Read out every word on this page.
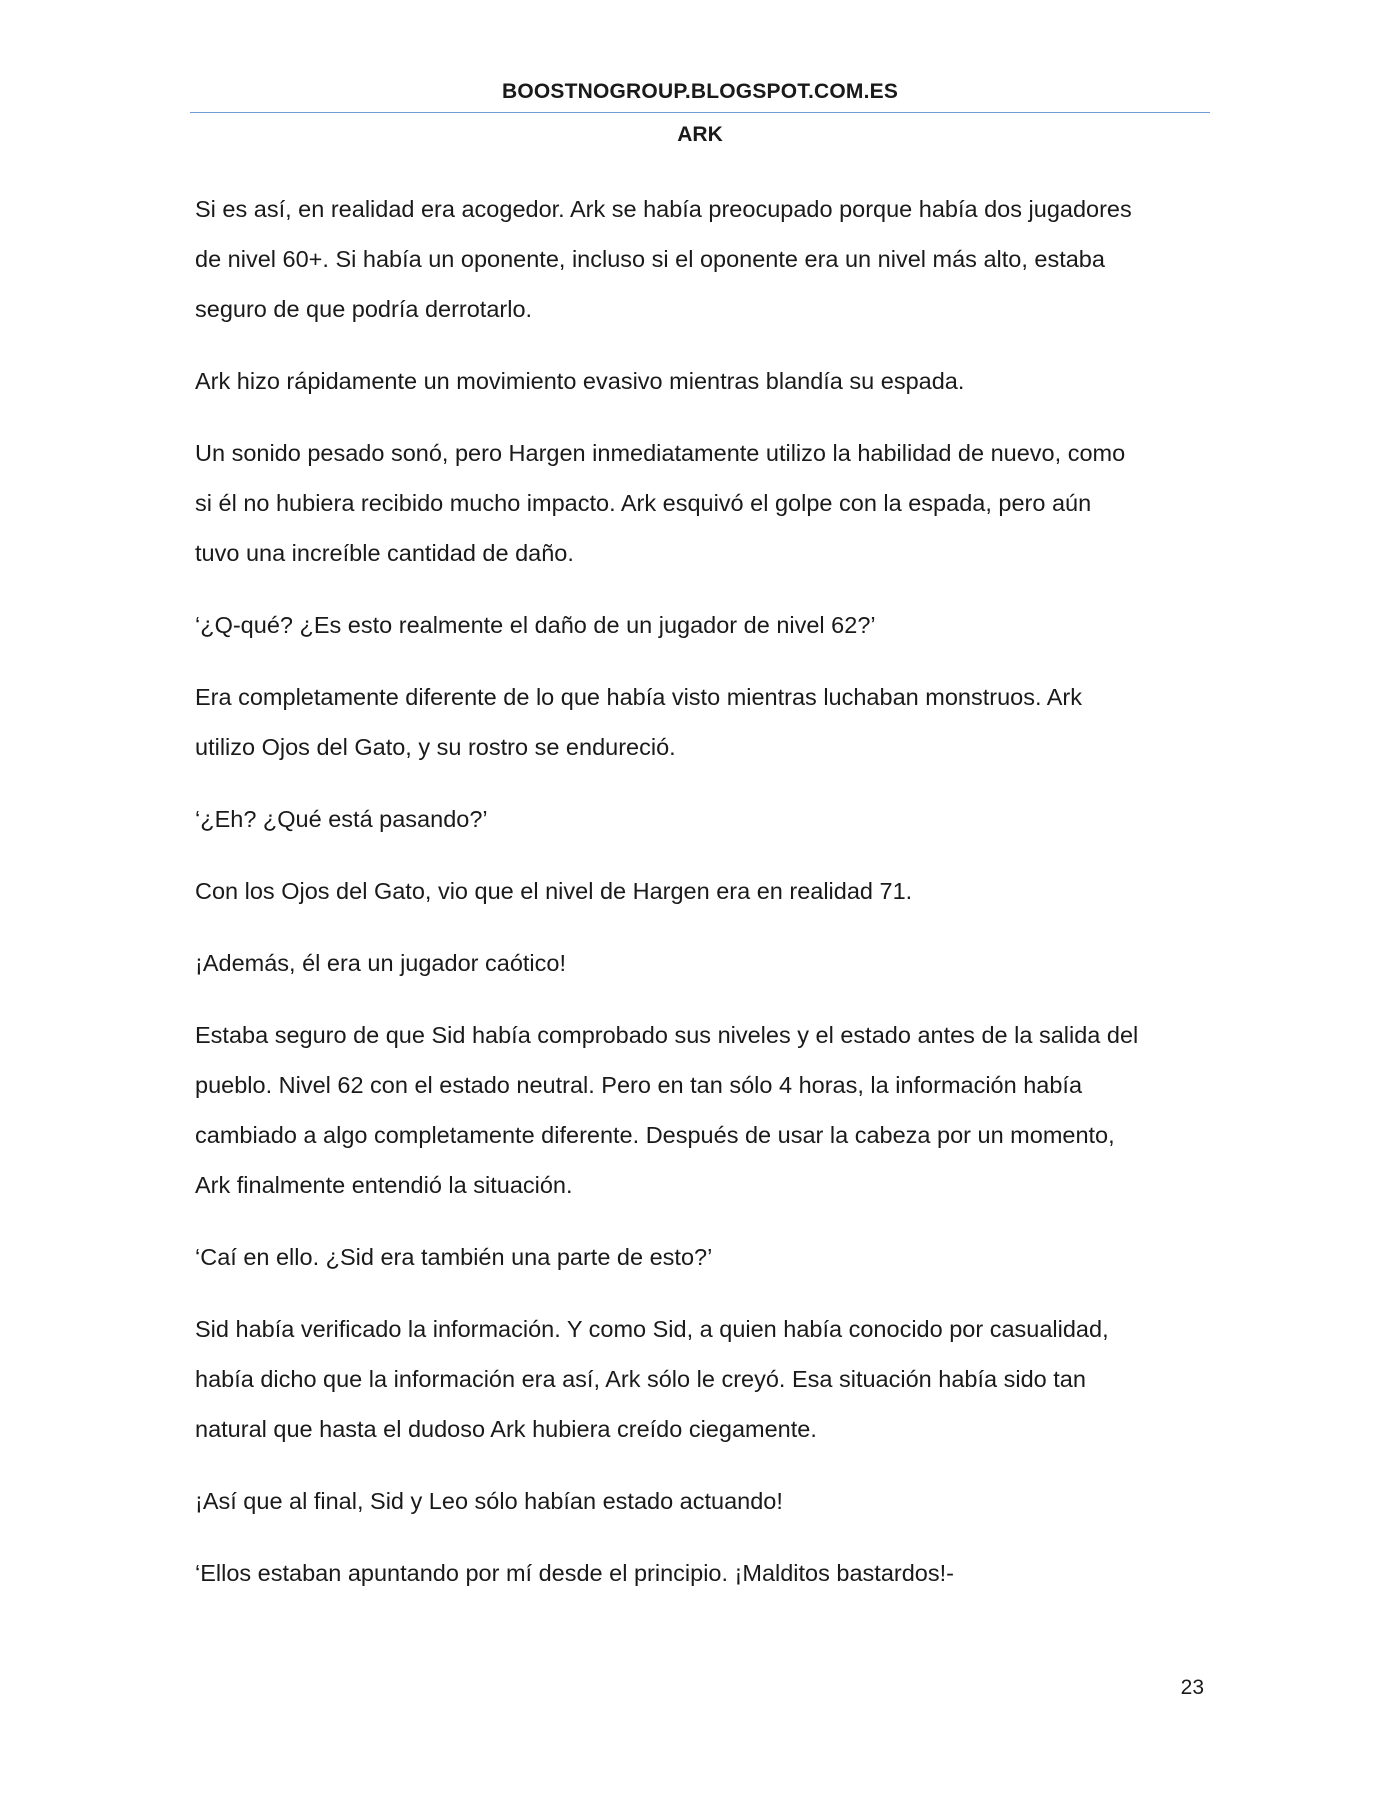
BOOSTNOGROUP.BLOGSPOT.COM.ES
ARK

Si es así, en realidad era acogedor. Ark se había preocupado porque había dos jugadores
de nivel 60+. Si había un oponente, incluso si el oponente era un nivel más alto, estaba
seguro de que podría derrotarlo.

Ark hizo rápidamente un movimiento evasivo mientras blandía su espada.

Un sonido pesado sonó, pero Hargen inmediatamente utilizo la habilidad de nuevo, como
si él no hubiera recibido mucho impacto. Ark esquivó el golpe con la espada, pero aún
tuvo una increíble cantidad de daño.

‘¿Q-qué? ¿Es esto realmente el daño de un jugador de nivel 62?’

Era completamente diferente de lo que había visto mientras luchaban monstruos. Ark
utilizo Ojos del Gato, y su rostro se endureció.

‘¿Eh? ¿Qué está pasando?’

Con los Ojos del Gato, vio que el nivel de Hargen era en realidad 71.

¡Además, él era un jugador caótico!

Estaba seguro de que Sid había comprobado sus niveles y el estado antes de la salida del
pueblo. Nivel 62 con el estado neutral. Pero en tan sólo 4 horas, la información había
cambiado a algo completamente diferente. Después de usar la cabeza por un momento,
Ark finalmente entendió la situación.

‘Caí en ello. ¿Sid era también una parte de esto?’

Sid había verificado la información. Y como Sid, a quien había conocido por casualidad,
había dicho que la información era así, Ark sólo le creyó. Esa situación había sido tan
natural que hasta el dudoso Ark hubiera creído ciegamente.

¡Así que al final, Sid y Leo sólo habían estado actuando!

‘Ellos estaban apuntando por mí desde el principio. ¡Malditos bastardos!-

23
